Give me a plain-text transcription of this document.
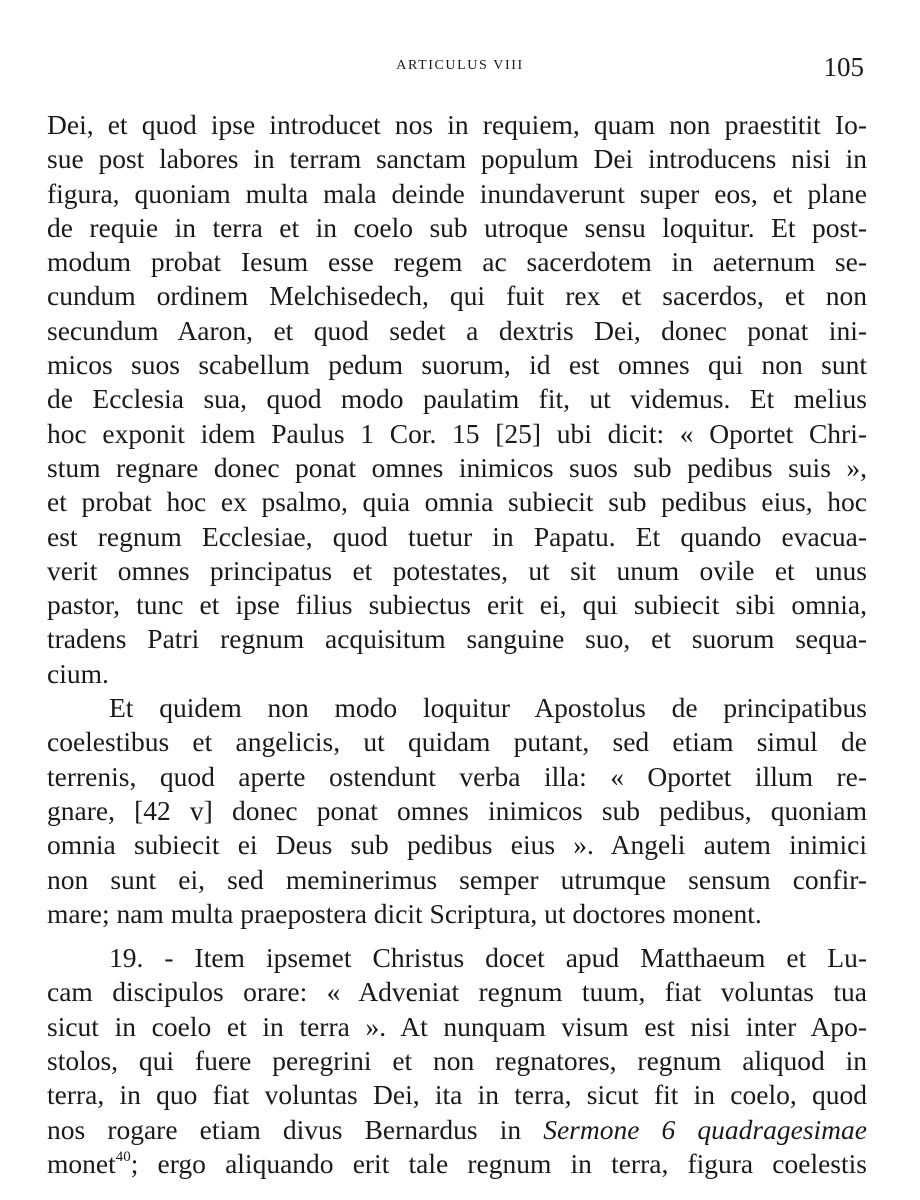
ARTICULUS VIII	105
Dei, et quod ipse introducet nos in requiem, quam non praestitit Io-
sue post labores in terram sanctam populum Dei introducens nisi in
figura, quoniam multa mala deinde inundaverunt super eos, et plane
de requie in terra et in coelo sub utroque sensu loquitur. Et post-
modum probat Iesum esse regem ac sacerdotem in aeternum se-
cundum ordinem Melchisedech, qui fuit rex et sacerdos, et non
secundum Aaron, et quod sedet a dextris Dei, donec ponat ini-
micos suos scabellum pedum suorum, id est omnes qui non sunt
de Ecclesia sua, quod modo paulatim fit, ut videmus. Et melius
hoc exponit idem Paulus 1 Cor. 15 [25] ubi dicit: « Oportet Chri-
stum regnare donec ponat omnes inimicos suos sub pedibus suis »,
et probat hoc ex psalmo, quia omnia subiecit sub pedibus eius, hoc
est regnum Ecclesiae, quod tuetur in Papatu. Et quando evacua-
verit omnes principatus et potestates, ut sit unum ovile et unus
pastor, tunc et ipse filius subiectus erit ei, qui subiecit sibi omnia,
tradens Patri regnum acquisitum sanguine suo, et suorum sequa-
cium.
Et quidem non modo loquitur Apostolus de principatibus
coelestibus et angelicis, ut quidam putant, sed etiam simul de
terrenis, quod aperte ostendunt verba illa: « Oportet illum re-
gnare, [42 v] donec ponat omnes inimicos sub pedibus, quoniam
omnia subiecit ei Deus sub pedibus eius ». Angeli autem inimici
non sunt ei, sed meminerimus semper utrumque sensum confir-
mare; nam multa praepostera dicit Scriptura, ut doctores monent.
19. - Item ipsemet Christus docet apud Matthaeum et Lu-
cam discipulos orare: « Adveniat regnum tuum, fiat voluntas tua
sicut in coelo et in terra ». At nunquam visum est nisi inter Apo-
stolos, qui fuere peregrini et non regnatores, regnum aliquod in
terra, in quo fiat voluntas Dei, ita in terra, sicut fit in coelo, quod
nos rogare etiam divus Bernardus in Sermone 6 quadragesimae
monet$^{40}$; ergo aliquando erit tale regnum in terra, figura coelestis
